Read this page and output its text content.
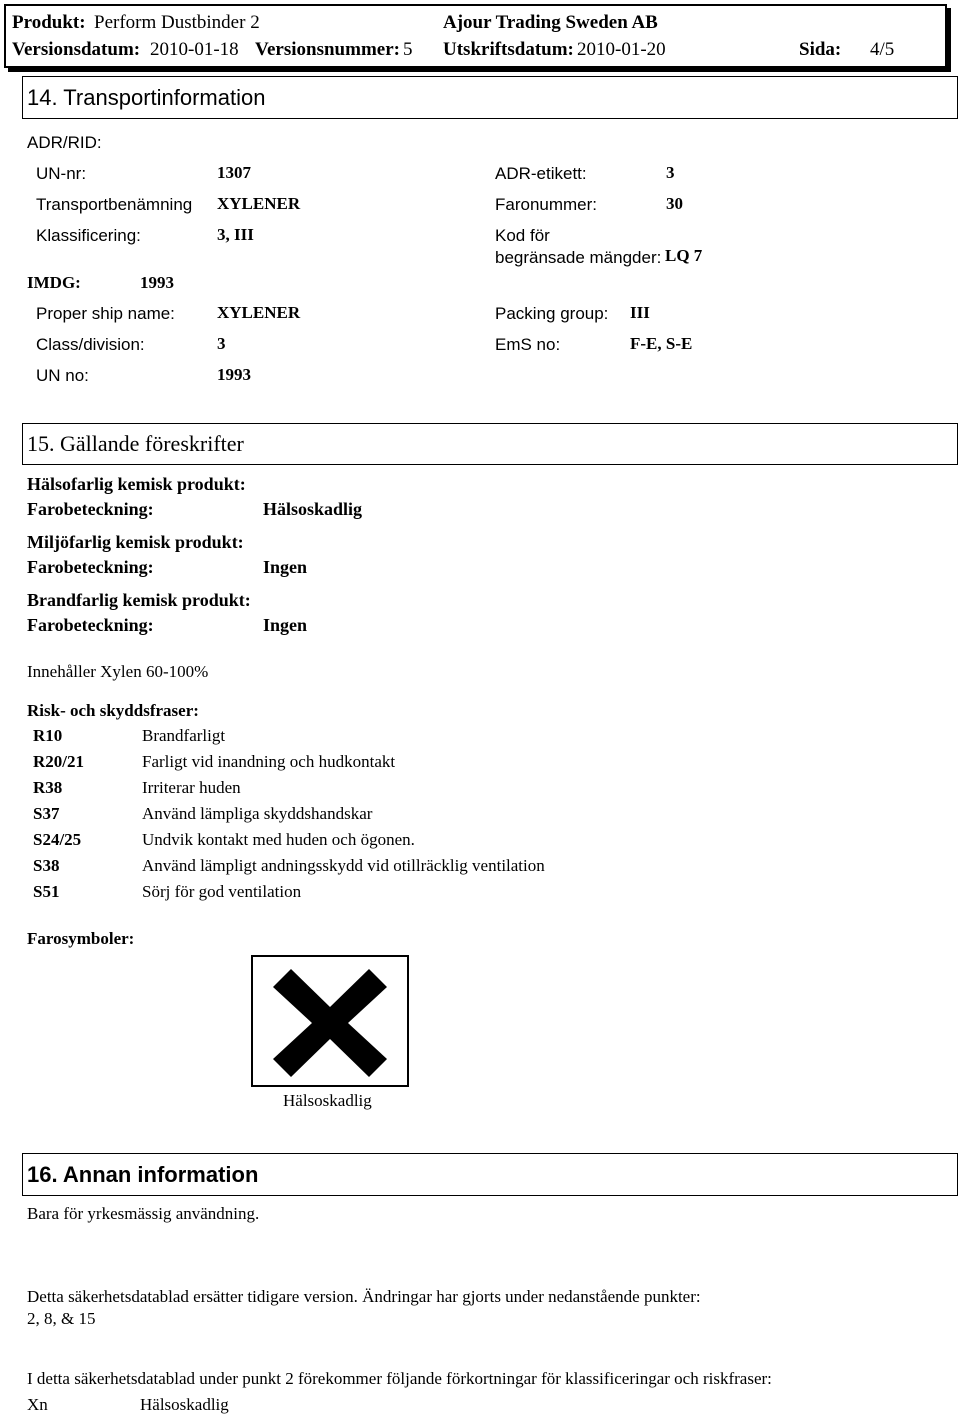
Produkt: Perform Dustbinder 2	Ajour Trading Sweden AB
Versionsdatum: 2010-01-18 Versionsnummer: 5 Utskriftsdatum: 2010-01-20	Sida: 4/5
14. Transportinformation
ADR/RID:
UN-nr:	1307	ADR-etikett:	3
Transportbenämning XYLENER	Faronummer:	30
Klassificering:	3, III	Kod för
begränsade mängder: LQ 7
IMDG:	1993
Proper ship name: XYLENER	Packing group: III
Class/division:	3	EmS no:	F-E, S-E
UN no:	1993
15. Gällande föreskrifter
Hälsofarlig kemisk produkt:
Farobeteckning:	Hälsoskadlig
Miljöfarlig kemisk produkt:
Farobeteckning:	Ingen
Brandfarlig kemisk produkt:
Farobeteckning:	Ingen
Innehåller Xylen 60-100%
Risk- och skyddsfraser:
R10	Brandfarligt
R20/21	Farligt vid inandning och hudkontakt
R38	Irriterar huden
S37	Använd lämpliga skyddshandskar
S24/25	Undvik kontakt med huden och ögonen.
S38	Använd lämpligt andningsskydd vid otillräcklig ventilation
S51	Sörj för god ventilation
Farosymboler:
Hälsoskadlig
16. Annan information
Bara för yrkesmässig användning.
Detta säkerhetsdatablad ersätter tidigare version. Ändringar har gjorts under nedanstående punkter:
2, 8, & 15
I detta säkerhetsdatablad under punkt 2 förekommer följande förkortningar för klassificeringar och riskfraser:
Xn	Hälsoskadlig
